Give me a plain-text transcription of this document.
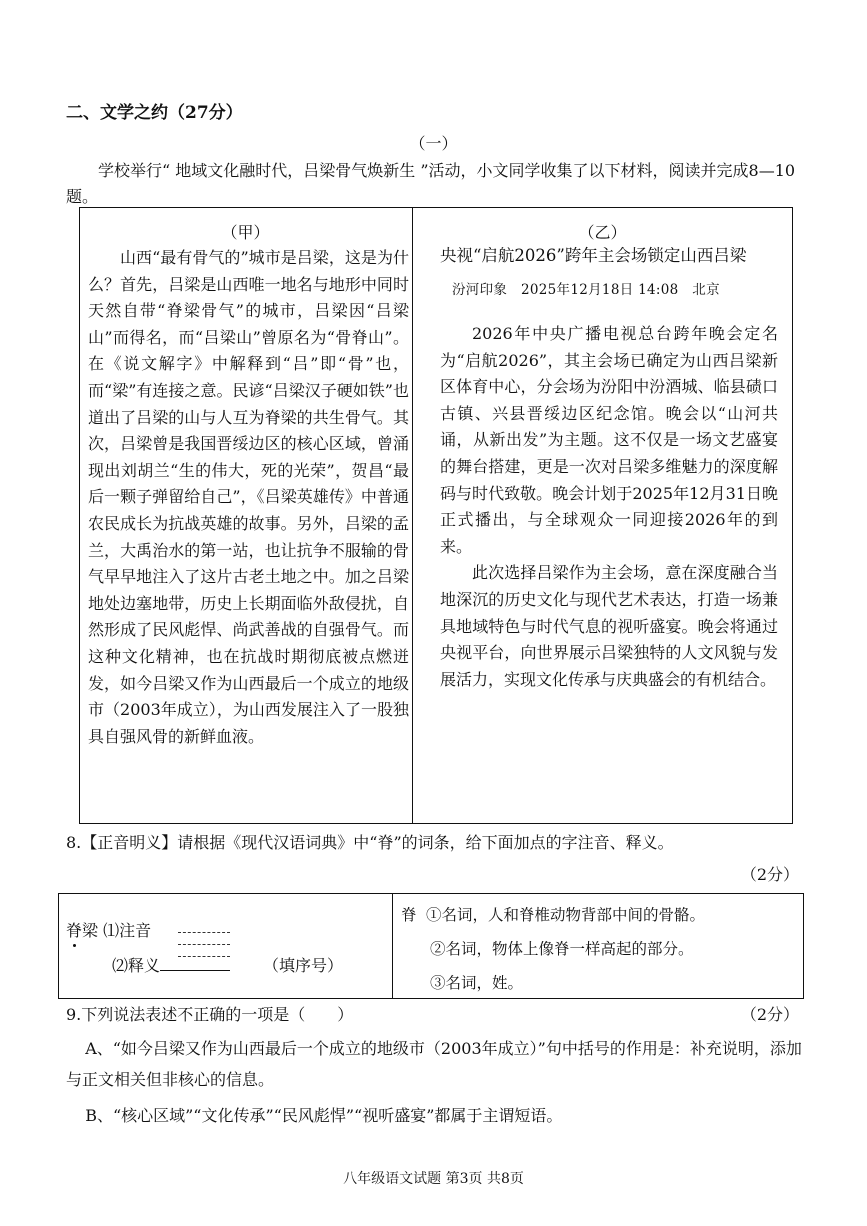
二、文学之约（27分）
（一）
学校举行“ 地域文化融时代，吕梁骨气焕新生 ”活动，小文同学收集了以下材料，阅读并完成8—10题。
（甲）

山西“最有骨气的”城市是吕梁，这是为什么？首先，吕梁是山西唯一地名与地形中同时天然自带“脊梁骨气”的城市，吕梁因“吕梁山”而得名，而“吕梁山”曾原名为“骨脊山”。在《说文解字》中解释到“吕”即“骨”也，而“梁”有连接之意。民谚“吕梁汉子硬如铁”也道出了吕梁的山与人互为脊梁的共生骨气。其次，吕梁曾是我国晋绥边区的核心区域，曾涌现出刘胡兰“生的伟大，死的光荣”，贺昌“最后一颗子弹留给自己”，《吕梁英雄传》中普通农民成长为抗战英雄的故事。另外，吕梁的孟兰，大禹治水的第一站，也让抗争不服输的骨气早早地注入了这片古老土地之中。加之吕梁地处边塞地带，历史上长期面临外敌侵扰，自然形成了民风彪悍、尚武善战的自强骨气。而这种文化精神，也在抗战时期彻底被点燃迸发，如今吕梁又作为山西最后一个成立的地级市（2003年成立），为山西发展注入了一股独具自强风骨的新鲜血液。

（乙）
央视“启航2026”跨年主会场锁定山西吕梁
汾河印象　2025年12月18日 14:08　北京

2026年中央广播电视总台跨年晚会定名为“启航2026”，其主会场已确定为山西吕梁新区体育中心，分会场为汾阳中汾酒城、临县碛口古镇、兴县晋绥边区纪念馆。晚会以“山河共诵，从新出发”为主题。这不仅是一场文艺盛宴的舞台搭建，更是一次对吕梁多维魅力的深度解码与时代致敬。晚会计划于2025年12月31日晚正式播出，与全球观众一同迎接2026年的到来。

此次选择吕梁作为主会场，意在深度融合当地深沉的历史文化与现代艺术表达，打造一场兼具地域特色与时代气息的视听盛宴。晚会将通过央视平台，向世界展示吕梁独特的人文风貌与发展活力，实现文化传承与庆典盛会的有机结合。

8.【正音明义】请根据《现代汉语词典》中“脊”的词条，给下面加点的字注音、释义。
（2分）
脊梁 ⑴注音
⑵释义	（填序号）
脊 ①名词，人和脊椎动物背部中间的骨骼。
②名词，物体上像脊一样高起的部分。
③名词，姓。
9.下列说法表述不正确的一项是（　　）	（2分）
A、“如今吕梁又作为山西最后一个成立的地级市（2003年成立）”句中括号的作用是：补充说明，添加与正文相关但非核心的信息。
B、“核心区域”“文化传承”“民风彪悍”“视听盛宴”都属于主谓短语。
八年级语文试题 第3页 共8页
